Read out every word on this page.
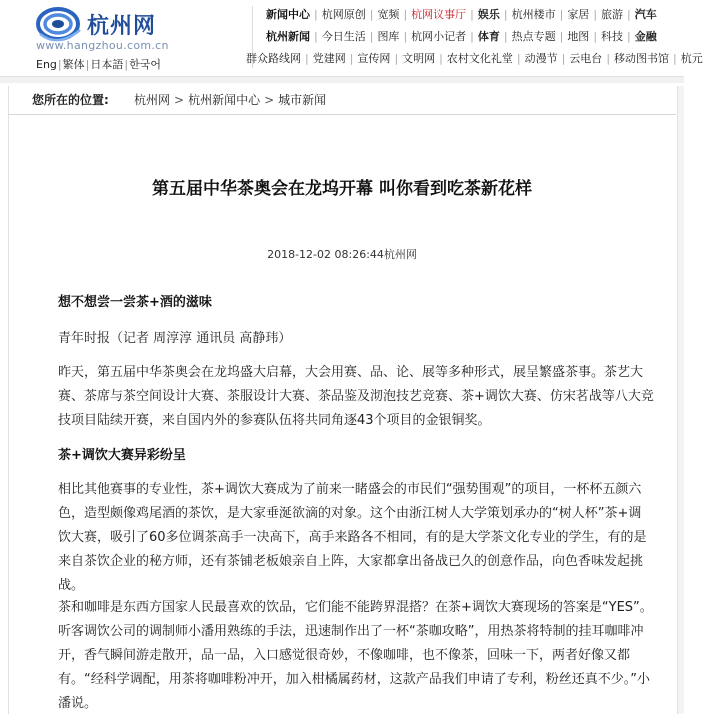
杭州网
www.hangzhou.com.cn
Eng|繁体|日本語|한국어
新闻中心 | 杭网原创 | 宽频 | 杭网议事厅 | 娱乐 | 杭州楼市 | 家居 | 旅游 | 汽车
杭州新闻 | 今日生活 | 图库 | 杭网小记者 | 体育 | 热点专题 | 地图 | 科技 | 金融
群众路线网 | 党建网 | 宣传网 | 文明网 | 农村文化礼堂 | 动漫节 | 云电台 | 移动图书馆 | 杭元
您所在的位置: 杭州网 > 杭州新闻中心 > 城市新闻
第五届中华茶奥会在龙坞开幕 叫你看到吃茶新花样
2018-12-02 08:26:44杭州网
想不想尝一尝茶+酒的滋味
青年时报（记者 周淳淳 通讯员 高静玮）

昨天，第五届中华茶奥会在龙坞盛大启幕，大会用赛、品、论、展等多种形式，展呈繁盛茶事。茶艺大赛、茶席与茶空间设计大赛、茶服设计大赛、茶品鉴及沏泡技艺竞赛、茶+调饮大赛、仿宋茗战等八大竞技项目陆续开赛，来自国内外的参赛队伍将共同角逐43个项目的金银铜奖。

茶+调饮大赛异彩纷呈

相比其他赛事的专业性，茶+调饮大赛成为了前来一睹盛会的市民们“强势围观”的项目，一杯杯五颜六色，造型颇像鸡尾酒的茶饮，是大家垂涎欲滴的对象。这个由浙江树人大学策划承办的“树人杯”茶+调饮大赛，吸引了60多位调茶高手一决高下，高手来路各不相同，有的是大学茶文化专业的学生，有的是来自茶饮企业的秘方师，还有茶铺老板娘亲自上阵，大家都拿出备战已久的创意作品，向色香味发起挑战。

茶和咖啡是东西方国家人民最喜欢的饮品，它们能不能跨界混搭？在茶+调饮大赛现场的答案是“YES”。听客调饮公司的调制师小潘用熟练的手法，迅速制作出了一杯“茶咖攻略”，用热茶将特制的挂耳咖啡冲开，香气瞬间游走散开，品一品，入口感觉很奇妙，不像咖啡，也不像茶，回味一下，两者好像又都有。“经科学调配，用茶将咖啡粉冲开，加入柑橘属药材，这款产品我们申请了专利，粉丝还真不少。”小潘说。
